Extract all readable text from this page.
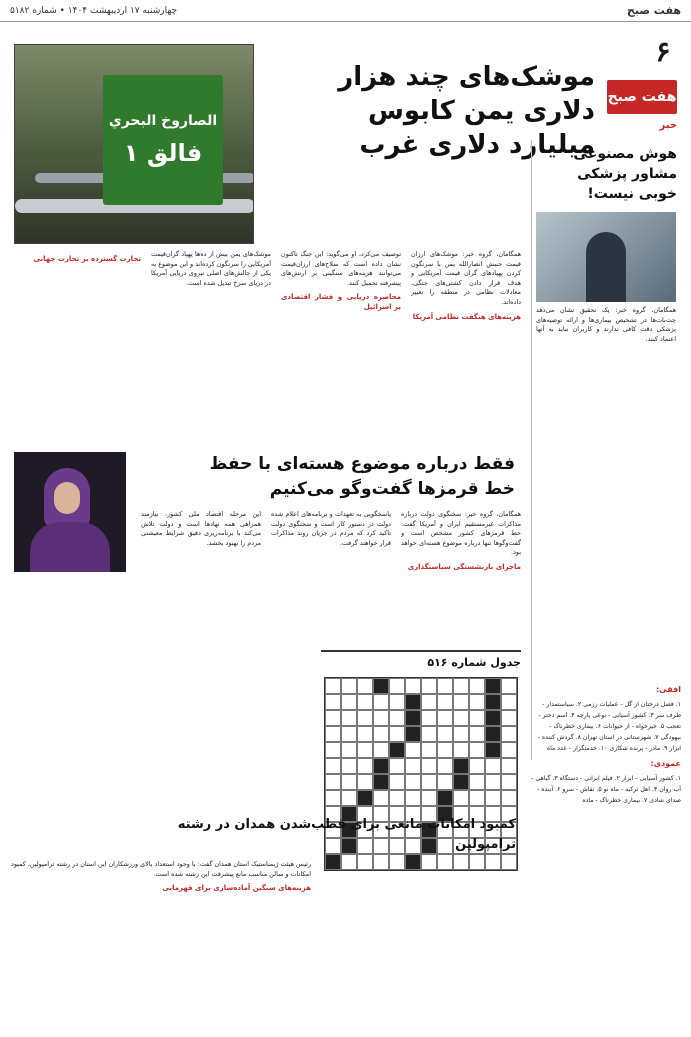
هفت صبح
چهارشنبه ۱۷ اردیبهشت ۱۴۰۴ • شماره ۵۱۸۲
۶
هفت صبح
خبر
موشک‌های چند هزار دلاری یمن کابوس میلیارد دلاری غرب
الصاروخ البحري
فالق ۱

همگامان، گروه خبر: موشک‌های ارزان قیمت جنبش انصارالله یمن با سرنگون کردن پهپادهای گران قیمت آمریکایی و هدف قرار دادن کشتی‌های جنگی، معادلات نظامی در منطقه را تغییر داده‌اند.

هزینه‌های هنگفت نظامی آمریکا

توصیف می‌کرد، او می‌گوید: این جنگ تاکنون نشان داده است که سلاح‌های ارزان‌قیمت می‌توانند هزینه‌های سنگینی بر ارتش‌های پیشرفته تحمیل کنند.

محاصره دریایی و فشار اقتصادی بر اسرائیل

موشک‌های یمن بیش از ده‌ها پهپاد گران‌قیمت آمریکایی را سرنگون کرده‌اند و این موضوع به یکی از چالش‌های اصلی نیروی دریایی آمریکا در دریای سرخ تبدیل شده است.

تجارت گسترده بر تجارت جهانی
هوش مصنوعی مشاور پزشکی خوبی نیست!

همگامان، گروه خبر: یک تحقیق نشان می‌دهد چت‌بات‌ها در تشخیص بیماری‌ها و ارائه توصیه‌های پزشکی دقت کافی ندارند و کاربران نباید به آنها اعتماد کنند.

فقط درباره موضوع هسته‌ای با حفظ خط قرمزها گفت‌وگو می‌کنیم

همگامان، گروه خبر: سخنگوی دولت درباره مذاکرات غیرمستقیم ایران و آمریکا گفت: خط قرمزهای کشور مشخص است و گفت‌وگوها تنها درباره موضوع هسته‌ای خواهد بود.

ماجرای بازنشستگی سیاستگذاری

پاسخگویی به تعهدات و برنامه‌های اعلام شده دولت در دستور کار است و سخنگوی دولت تاکید کرد که مردم در جریان روند مذاکرات قرار خواهند گرفت.

این مرحله اقتصاد ملی کشور، نیازمند همراهی همه نهادها است و دولت تلاش می‌کند با برنامه‌ریزی دقیق شرایط معیشتی مردم را بهبود بخشد.

جدول شماره ۵۱۶
افقی:
۱. فصل درختان از گل - عملیات رزمی ۲. سیاستمدار - طرف سر ۳. کشور آسیایی - نوعی پارچه ۴. اسم دختر - تعجب ۵. خیرخواه - از حیوانات ۶. بیماری خطرناک - بیهودگی ۷. شهرستانی در استان تهران ۸. گردش کننده - ابزار ۹. مادر - پرنده شکاری ۱۰. خدمتگزار - عدد ماه
عمودی:
۱. کشور آسیایی - ابزار ۲. فیلم ایرانی - دستگاه ۳. گیاهی - آب روان ۴. اهل ترکیه - ماه نو ۵. نقاش - سرو ۶. آینده - صدای شادی ۷. بیماری خطرناک - ماده
کمبود امکانات مانعی برای قطب‌شدن همدان در رشته ترامپولین

رئیس هیئت ژیمناستیک استان همدان گفت: با وجود استعداد بالای ورزشکاران این استان در رشته ترامپولین، کمبود امکانات و سالن مناسب مانع پیشرفت این رشته شده است.

هزینه‌های سنگین آماده‌سازی برای قهرمانی
